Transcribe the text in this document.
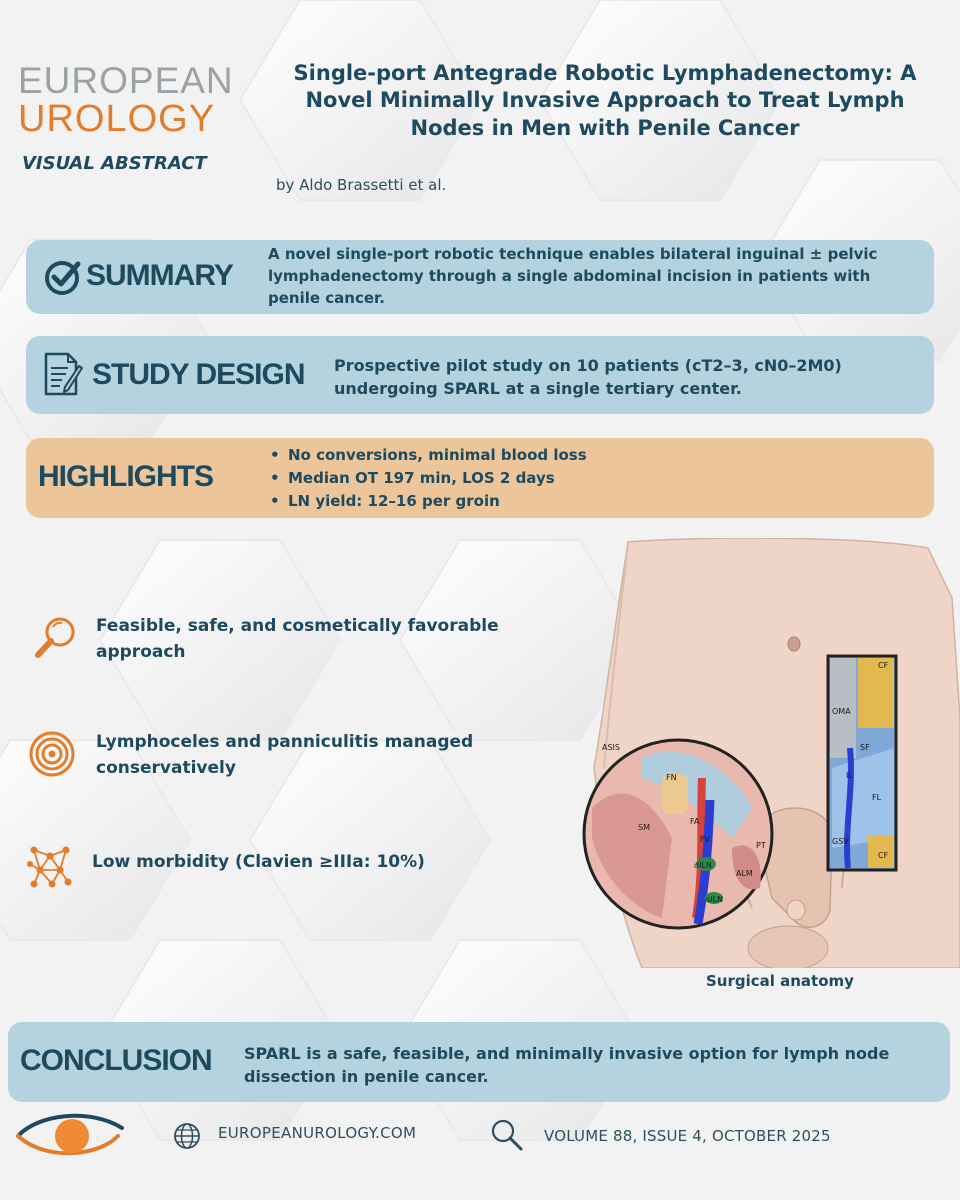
EUROPEAN
UROLOGY
VISUAL ABSTRACT
Single-port Antegrade Robotic Lymphadenectomy: A Novel Minimally Invasive Approach to Treat Lymph Nodes in Men with Penile Cancer
by Aldo Brassetti et al.
SUMMARY
A novel single-port robotic technique enables bilateral inguinal ± pelvic lymphadenectomy through a single abdominal incision in patients with penile cancer.
STUDY DESIGN Prospective pilot study on 10 patients (cT2–3, cN0–2M0) undergoing SPARL at a single tertiary center.
HIGHLIGHTS
• No conversions, minimal blood loss
• Median OT 197 min, LOS 2 days
• LN yield: 12–16 per groin
Feasible, safe, and cosmetically favorable approach
Lymphoceles and panniculitis managed conservatively
Low morbidity (Clavien ≥IIIa: 10%)
CF
OMA
SF
IL
FL
GSV
CF
ASIS
FN
SM
FA
FV
PT
dILN
ALM
sILN
Surgical anatomy
CONCLUSION SPARL is a safe, feasible, and minimally invasive option for lymph node dissection in penile cancer.
EUROPEANUROLOGY.COM	VOLUME 88, ISSUE 4, OCTOBER 2025
